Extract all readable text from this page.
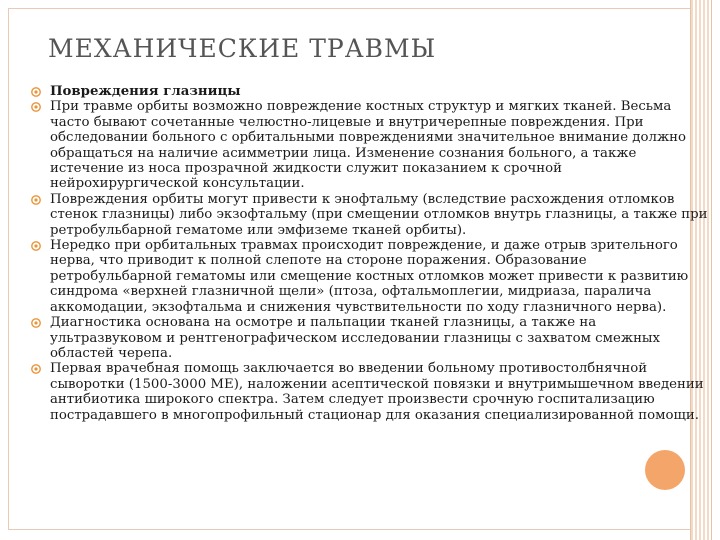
МЕХАНИЧЕСКИЕ ТРАВМЫ
Повреждения глазницы
При травме орбиты возможно повреждение костных структур и мягких тканей. Весьма часто бывают сочетанные челюстно-лицевые и внутричерепные повреждения. При обследовании больного с орбитальными повреждениями значительное внимание должно обращаться на наличие асимметрии лица. Изменение сознания больного, а также истечение из носа прозрачной жидкости служит показанием к срочной нейрохирургической консультации.
Повреждения орбиты могут привести к энофтальму (вследствие расхождения отломков стенок глазницы) либо экзофтальму (при смещении отломков внутрь глазницы, а также при ретробульбарной гематоме или эмфиземе тканей орбиты).
Нередко при орбитальных травмах происходит повреждение, и даже отрыв зрительного нерва, что приводит к полной слепоте на стороне поражения. Образование ретробульбарной гематомы или смещение костных отломков может привести к развитию синдрома «верхней глазничной щели» (птоза, офтальмоплегии, мидриаза, паралича аккомодации, экзофтальма и снижения чувствительности по ходу глазничного нерва).
Диагностика основана на осмотре и пальпации тканей глазницы, а также на ультразвуковом и рентгенографическом исследовании глазницы с захватом смежных областей черепа.
Первая врачебная помощь заключается во введении больному противостолбнячной сыворотки (1500-3000 МЕ), наложении асептической повязки и внутримышечном введении антибиотика широкого спектра. Затем следует произвести срочную госпитализацию пострадавшего в многопрофильный стационар для оказания специализированной помощи.
